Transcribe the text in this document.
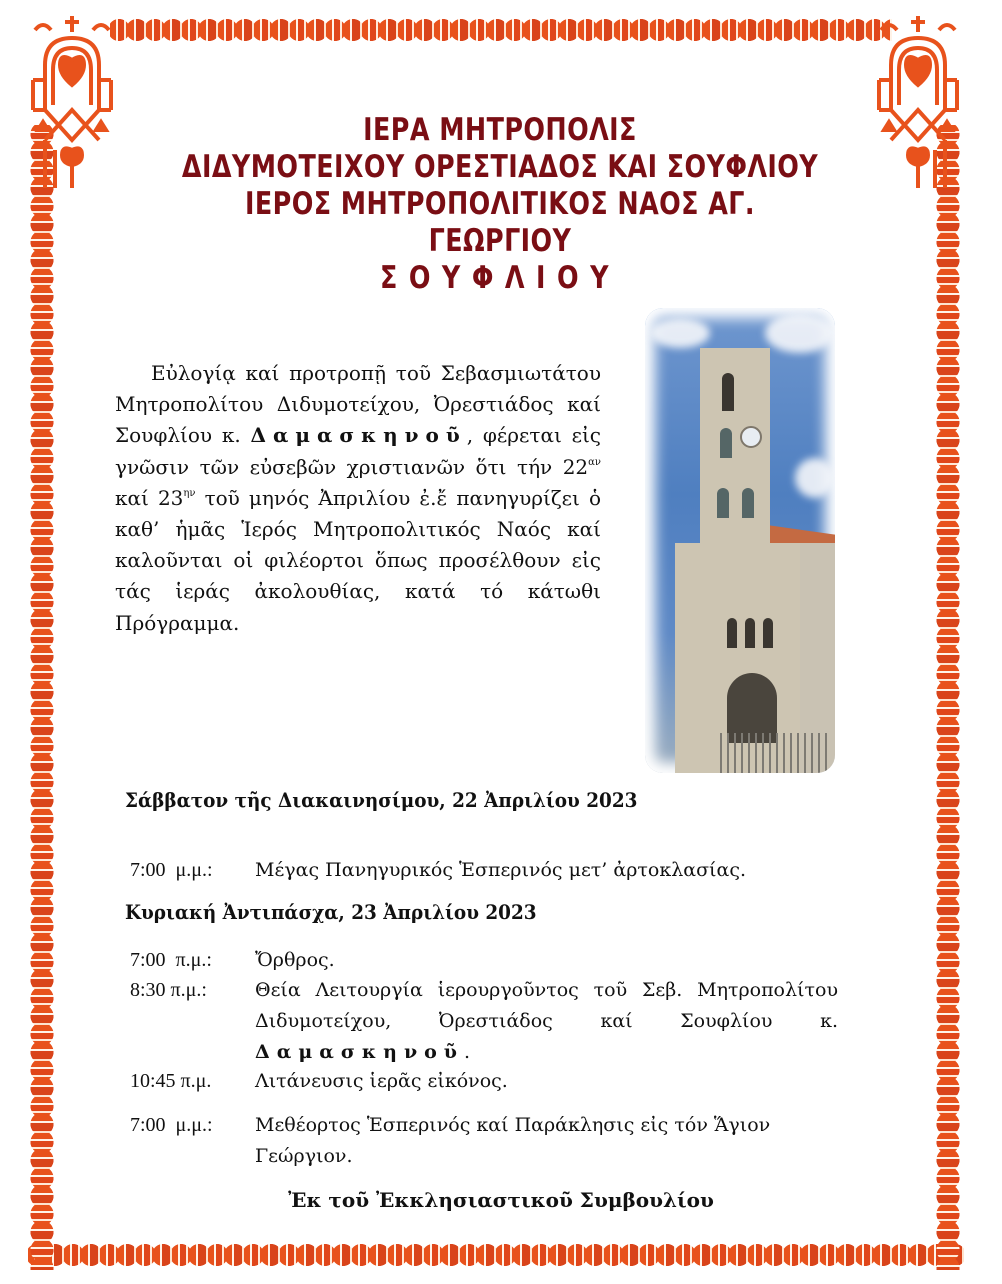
ΙΕΡΑ ΜΗΤΡΟΠΟΛΙΣ
ΔΙΔΥΜΟΤΕΙΧΟΥ ΟΡΕΣΤΙΑΔΟΣ ΚΑΙ ΣΟΥΦΛΙΟΥ
ΙΕΡΟΣ ΜΗΤΡΟΠΟΛΙΤΙΚΟΣ ΝΑΟΣ ΑΓ. ΓΕΩΡΓΙΟΥ
ΣΟΥΦΛΙΟΥ

Εὐλογίᾳ καί προτροπῇ τοῦ Σεβασμιωτάτου Μητροπολίτου Διδυμοτείχου, Ὀρεστιάδος καί Σουφλίου κ. Δαμασκηνοῦ, φέρεται εἰς γνῶσιν τῶν εὐσεβῶν χριστιανῶν ὅτι τήν $22^{\alpha\nu}$ καί $23^{\eta\nu}$ τοῦ μηνός Ἀπριλίου ἐ.ἔ πανηγυρίζει ὁ καθ’ ἡμᾶς Ἱερός Μητροπολιτικός Ναός καί καλοῦνται οἱ φιλέορτοι ὅπως προσέλθουν εἰς τάς ἱεράς ἀκολουθίας, κατά τό κάτωθι Πρόγραμμα.

Σάββατον τῆς Διακαινησίμου, 22 Ἀπριλίου 2023
7:00  μ.μ.:	Μέγας Πανηγυρικός Ἑσπερινός μετ’ ἀρτοκλασίας.
Κυριακή Ἀντιπάσχα, 23 Ἀπριλίου 2023
7:00  π.μ.:	Ὄρθρος.
8:30 π.μ.:	Θεία Λειτουργία ἱερουργοῦντος τοῦ Σεβ. Μητροπολίτου Διδυμοτείχου, Ὀρεστιάδος καί Σουφλίου κ. Δαμασκηνοῦ.
10:45 π.μ.	Λιτάνευσις ἱερᾶς εἰκόνος.
7:00  μ.μ.:	Μεθέορτος Ἑσπερινός καί Παράκλησις εἰς τόν Ἅγιον Γεώργιον.
Ἐκ τοῦ Ἐκκλησιαστικοῦ Συμβουλίου
